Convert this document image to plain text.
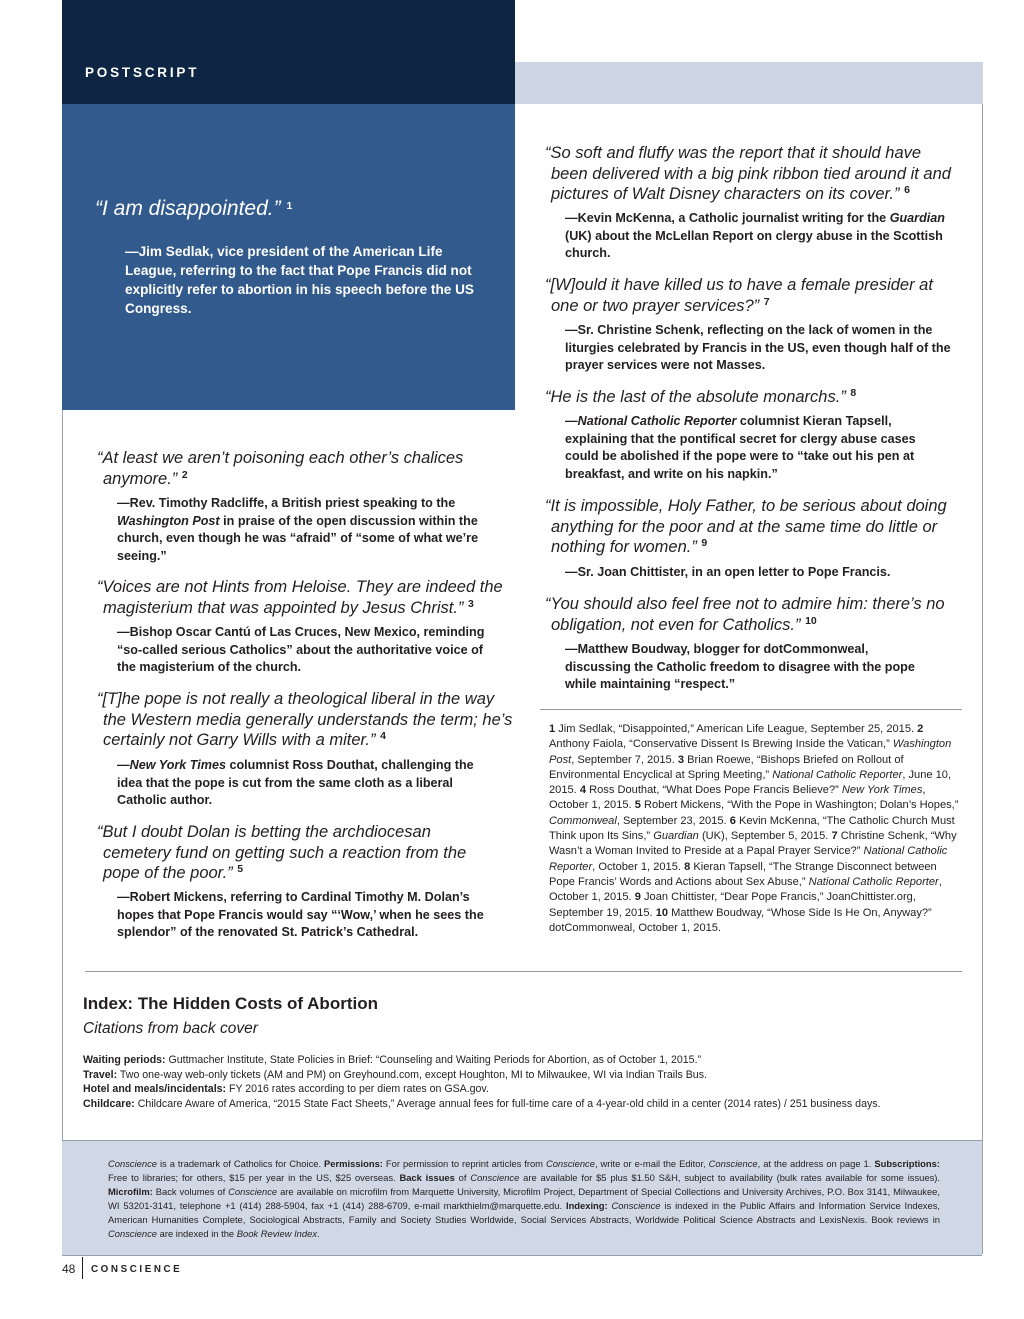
POSTSCRIPT
“I am disappointed.” $^1$
—Jim Sedlak, vice president of the American Life League, referring to the fact that Pope Francis did not explicitly refer to abortion in his speech before the US Congress.
“At least we aren’t poisoning each other’s chalices anymore.” $^2$
—Rev. Timothy Radcliffe, a British priest speaking to the Washington Post in praise of the open discussion within the church, even though he was “afraid” of “some of what we’re seeing.”
“Voices are not Hints from Heloise. They are indeed the magisterium that was appointed by Jesus Christ.” $^3$
—Bishop Oscar Cantú of Las Cruces, New Mexico, reminding “so-called serious Catholics” about the authoritative voice of the magisterium of the church.
“[T]he pope is not really a theological liberal in the way the Western media generally understands the term; he’s certainly not Garry Wills with a miter.” $^4$
—New York Times columnist Ross Douthat, challenging the idea that the pope is cut from the same cloth as a liberal Catholic author.
“But I doubt Dolan is betting the archdiocesan cemetery fund on getting such a reaction from the pope of the poor.” $^5$
—Robert Mickens, referring to Cardinal Timothy M. Dolan’s hopes that Pope Francis would say “‘Wow,’ when he sees the splendor” of the renovated St. Patrick’s Cathedral.
“So soft and fluffy was the report that it should have been delivered with a big pink ribbon tied around it and pictures of Walt Disney characters on its cover.” $^6$
—Kevin McKenna, a Catholic journalist writing for the Guardian (UK) about the McLellan Report on clergy abuse in the Scottish church.
“[W]ould it have killed us to have a female presider at one or two prayer services?” $^7$
—Sr. Christine Schenk, reflecting on the lack of women in the liturgies celebrated by Francis in the US, even though half of the prayer services were not Masses.
“He is the last of the absolute monarchs.” $^8$
—National Catholic Reporter columnist Kieran Tapsell, explaining that the pontifical secret for clergy abuse cases could be abolished if the pope were to “take out his pen at breakfast, and write on his napkin.”
“It is impossible, Holy Father, to be serious about doing anything for the poor and at the same time do little or nothing for women.” $^9$
—Sr. Joan Chittister, in an open letter to Pope Francis.
“You should also feel free not to admire him: there’s no obligation, not even for Catholics.” $^{10}$
—Matthew Boudway, blogger for dotCommonweal, discussing the Catholic freedom to disagree with the pope while maintaining “respect.”
1 Jim Sedlak, “Disappointed,” American Life League, September 25, 2015. 2 Anthony Faiola, “Conservative Dissent Is Brewing Inside the Vatican,” Washington Post, September 7, 2015. 3 Brian Roewe, “Bishops Briefed on Rollout of Environmental Encyclical at Spring Meeting,” National Catholic Reporter, June 10, 2015. 4 Ross Douthat, “What Does Pope Francis Believe?” New York Times, October 1, 2015. 5 Robert Mickens, “With the Pope in Washington; Dolan’s Hopes,” Commonweal, September 23, 2015. 6 Kevin McKenna, “The Catholic Church Must Think upon Its Sins,” Guardian (UK), September 5, 2015. 7 Christine Schenk, “Why Wasn’t a Woman Invited to Preside at a Papal Prayer Service?” National Catholic Reporter, October 1, 2015. 8 Kieran Tapsell, “The Strange Disconnect between Pope Francis’ Words and Actions about Sex Abuse,” National Catholic Reporter, October 1, 2015. 9 Joan Chittister, “Dear Pope Francis,” JoanChittister.org, September 19, 2015. 10 Matthew Boudway, “Whose Side Is He On, Anyway?” dotCommonweal, October 1, 2015.
Index: The Hidden Costs of Abortion
Citations from back cover
Waiting periods: Guttmacher Institute, State Policies in Brief: “Counseling and Waiting Periods for Abortion, as of October 1, 2015.”
Travel: Two one-way web-only tickets (AM and PM) on Greyhound.com, except Houghton, MI to Milwaukee, WI via Indian Trails Bus.
Hotel and meals/incidentals: FY 2016 rates according to per diem rates on GSA.gov.
Childcare: Childcare Aware of America, “2015 State Fact Sheets,” Average annual fees for full-time care of a 4-year-old child in a center (2014 rates) / 251 business days.
Conscience is a trademark of Catholics for Choice. Permissions: For permission to reprint articles from Conscience, write or e-mail the Editor, Conscience, at the address on page 1. Subscriptions: Free to libraries; for others, $15 per year in the US, $25 overseas. Back issues of Conscience are available for $5 plus $1.50 S&H, subject to availability (bulk rates available for some issues). Microfilm: Back volumes of Conscience are available on microfilm from Marquette University, Microfilm Project, Department of Special Collections and University Archives, P.O. Box 3141, Milwaukee, WI 53201-3141, telephone +1 (414) 288-5904, fax +1 (414) 288-6709, e-mail markthielm@marquette.edu. Indexing: Conscience is indexed in the Public Affairs and Information Service Indexes, American Humanities Complete, Sociological Abstracts, Family and Society Studies Worldwide, Social Services Abstracts, Worldwide Political Science Abstracts and LexisNexis. Book reviews in Conscience are indexed in the Book Review Index.
48 CONSCIENCE
